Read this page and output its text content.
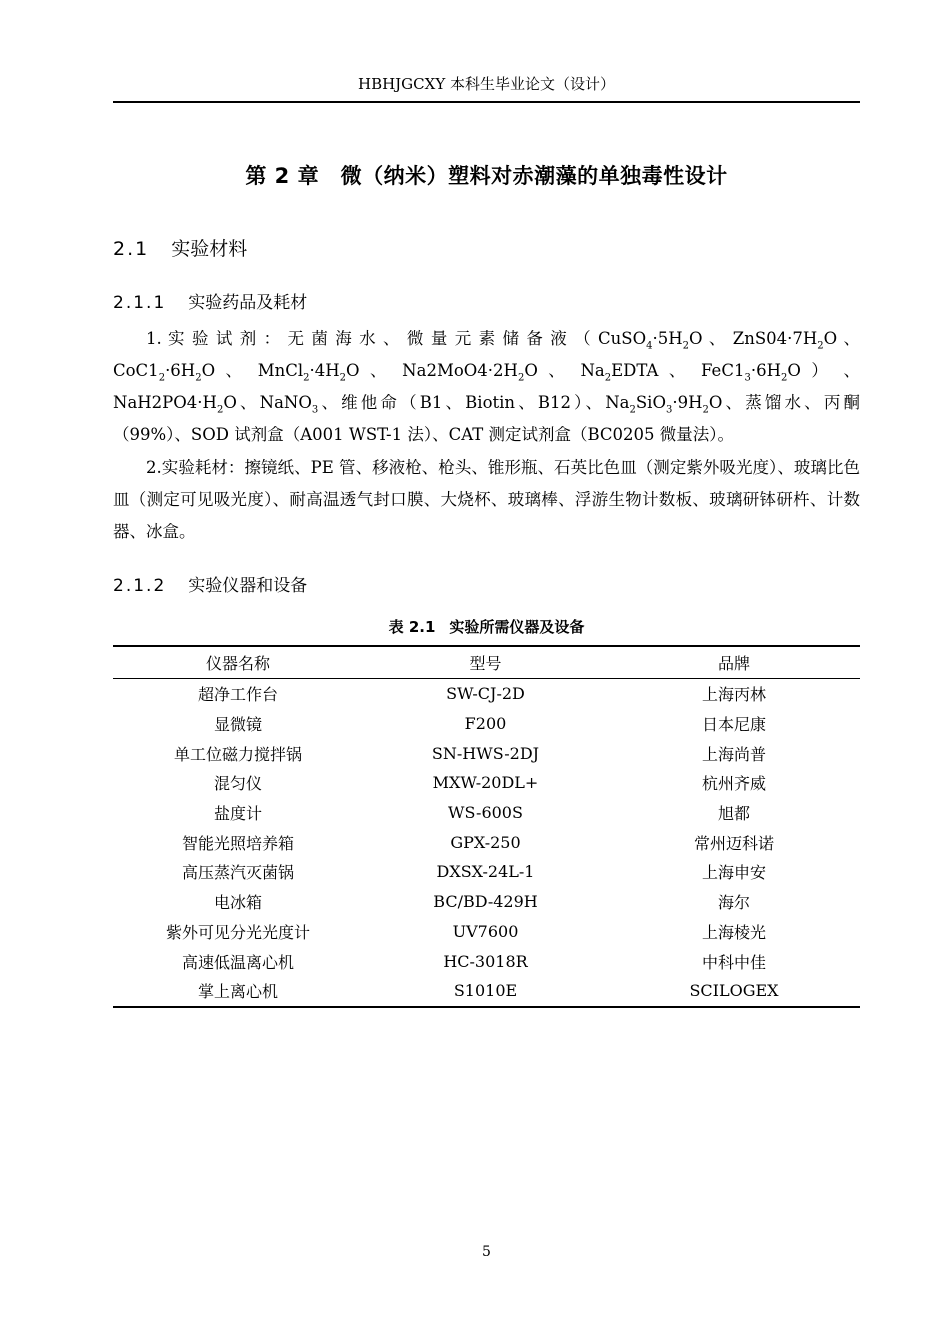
HBHJGCXY 本科生毕业论文（设计）
第 2 章　微（纳米）塑料对赤潮藻的单独毒性设计
2.1 实验材料
2.1.1 实验药品及耗材
1. 实 验 试 剂 ： 无 菌 海 水 、 微 量 元 素 储 备 液 （ $CuSO_4\cdot 5H_2O$ 、 $ZnS04\cdot 7H_2O$ 、 $CoC1_2\cdot 6H_2O$ 、 $MnCl_2\cdot 4H_2O$ 、 $Na2MoO4\cdot 2H_2O$ 、 $Na_2EDTA$ 、 $FeC1_3\cdot 6H_2O$ ） 、 $NaH2PO4\cdot H_2O$、NaNO$_3$、维他命（B1、Biotin、B12）、$Na_2SiO_3\cdot 9H_2O$、蒸馏水、丙酮（99%）、SOD 试剂盒（A001 WST-1 法）、CAT 测定试剂盒（BC0205 微量法）。
2.实验耗材：擦镜纸、PE 管、移液枪、枪头、锥形瓶、石英比色皿（测定紫外吸光度）、玻璃比色皿（测定可见吸光度）、耐高温透气封口膜、大烧杯、玻璃棒、浮游生物计数板、玻璃研钵研杵、计数器、冰盒。
2.1.2 实验仪器和设备
表 2.1 实验所需仪器及设备
仪器名称	型号	品牌
超净工作台	SW-CJ-2D	上海丙林
显微镜	F200	日本尼康
单工位磁力搅拌锅	SN-HWS-2DJ	上海尚普
混匀仪	MXW-20DL+	杭州齐威
盐度计	WS-600S	旭都
智能光照培养箱	GPX-250	常州迈科诺
高压蒸汽灭菌锅	DXSX-24L-1	上海申安
电冰箱	BC/BD-429H	海尔
紫外可见分光光度计	UV7600	上海棱光
高速低温离心机	HC-3018R	中科中佳
掌上离心机	S1010E	SCILOGEX
5
